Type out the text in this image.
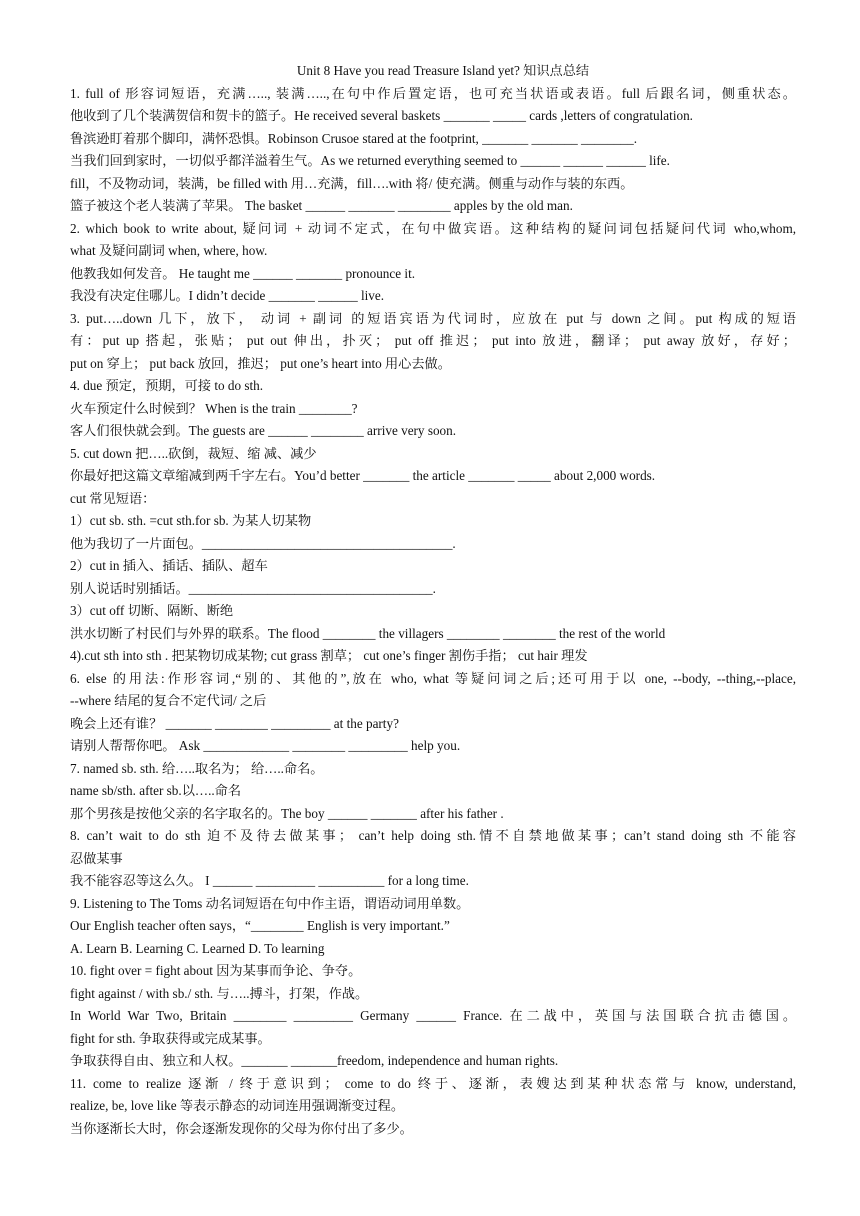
Unit 8 Have you read Treasure Island yet? 知识点总结
1. full of 形容词短语，充满….., 装满…..,在句中作后置定语，也可充当状语或表语。full 后跟名词，侧重状态。
他收到了几个装满贺信和贺卡的篮子。He received several baskets _______ _____ cards ,letters of congratulation.
鲁滨逊盯着那个脚印，满怀恐惧。Robinson Crusoe stared at the footprint, _______ _______ ________.
当我们回到家时，一切似乎都洋溢着生气。As we returned everything seemed to ______ ______ ______ life.
fill，不及物动词，装满，be filled with 用…充满，fill….with 将/ 使充满。侧重与动作与装的东西。
篮子被这个老人装满了苹果。 The basket ______ _______ ________ apples by the old man.
2. which book to write about, 疑问词 + 动词不定式，在句中做宾语。这种结构的疑问词包括疑问代词 who,whom,
what 及疑问副词 when, where, how.
他教我如何发音。 He taught me ______ _______ pronounce it.
我没有决定住哪儿。I didn’t decide _______ ______ live.
3. put…..down 几下，放下， 动词 + 副词 的短语宾语为代词时，应放在 put 与 down 之间。put 构成的短语
有：put up 搭起，张贴； put out 伸出，扑灭； put off 推迟； put into 放进，翻译； put away 放好，存好；
put on 穿上； put back 放回，推迟； put one’s heart into 用心去做。
4. due 预定，预期，可接 to do sth.
火车预定什么时候到？ When is the train ________?
客人们很快就会到。The guests are ______ ________ arrive very soon.
5. cut down 把…..砍倒，裁短、缩 减、减少
你最好把这篇文章缩减到两千字左右。You’d better _______ the article _______ _____ about 2,000 words.
cut 常见短语：
1）cut sb. sth. =cut sth.for sb. 为某人切某物
他为我切了一片面包。______________________________________.
2）cut in 插入、插话、插队、超车
别人说话时别插话。_____________________________________.
3）cut off 切断、隔断、断绝
洪水切断了村民们与外界的联系。The flood ________ the villagers ________ ________ the rest of the world
4).cut sth into sth . 把某物切成某物; cut grass 割草； cut one’s finger 割伤手指； cut hair 理发
6. else 的用法:作形容词,“别的、其他的”,放在 who, what 等疑问词之后;还可用于以 one, --body, --thing,--place,
--where 结尾的复合不定代词/ 之后
晚会上还有谁？ _______ ________ _________ at the party?
请别人帮帮你吧。 Ask _____________ ________ _________ help you.
7. named sb. sth. 给…..取名为； 给…..命名。
name sb/sth. after sb.以…..命名
那个男孩是按他父亲的名字取名的。The boy ______ _______ after his father .
8. can’t wait to do sth 迫不及待去做某事； can’t help doing sth.情不自禁地做某事；can’t stand doing sth 不能容
忍做某事
我不能容忍等这么久。 I ______ _________ __________ for a long time.
9. Listening to The Toms 动名词短语在句中作主语，谓语动词用单数。
Our English teacher often says，“________ English is very important.”
A. Learn B. Learning C. Learned D. To learning
10. fight over = fight about 因为某事而争论、争夺。
fight against / with sb./ sth. 与…..搏斗，打架，作战。
In World War Two, Britain ________ _________ Germany ______ France. 在二战中，英国与法国联合抗击德国。
fight for sth. 争取获得或完成某事。
争取获得自由、独立和人权。_______ _______freedom, independence and human rights.
11. come to realize 逐渐 / 终于意识到； come to do 终于、逐渐，表嫂达到某种状态常与 know, understand,
realize, be, love like 等表示静态的动词连用强调渐变过程。
当你逐渐长大时，你会逐渐发现你的父母为你付出了多少。
